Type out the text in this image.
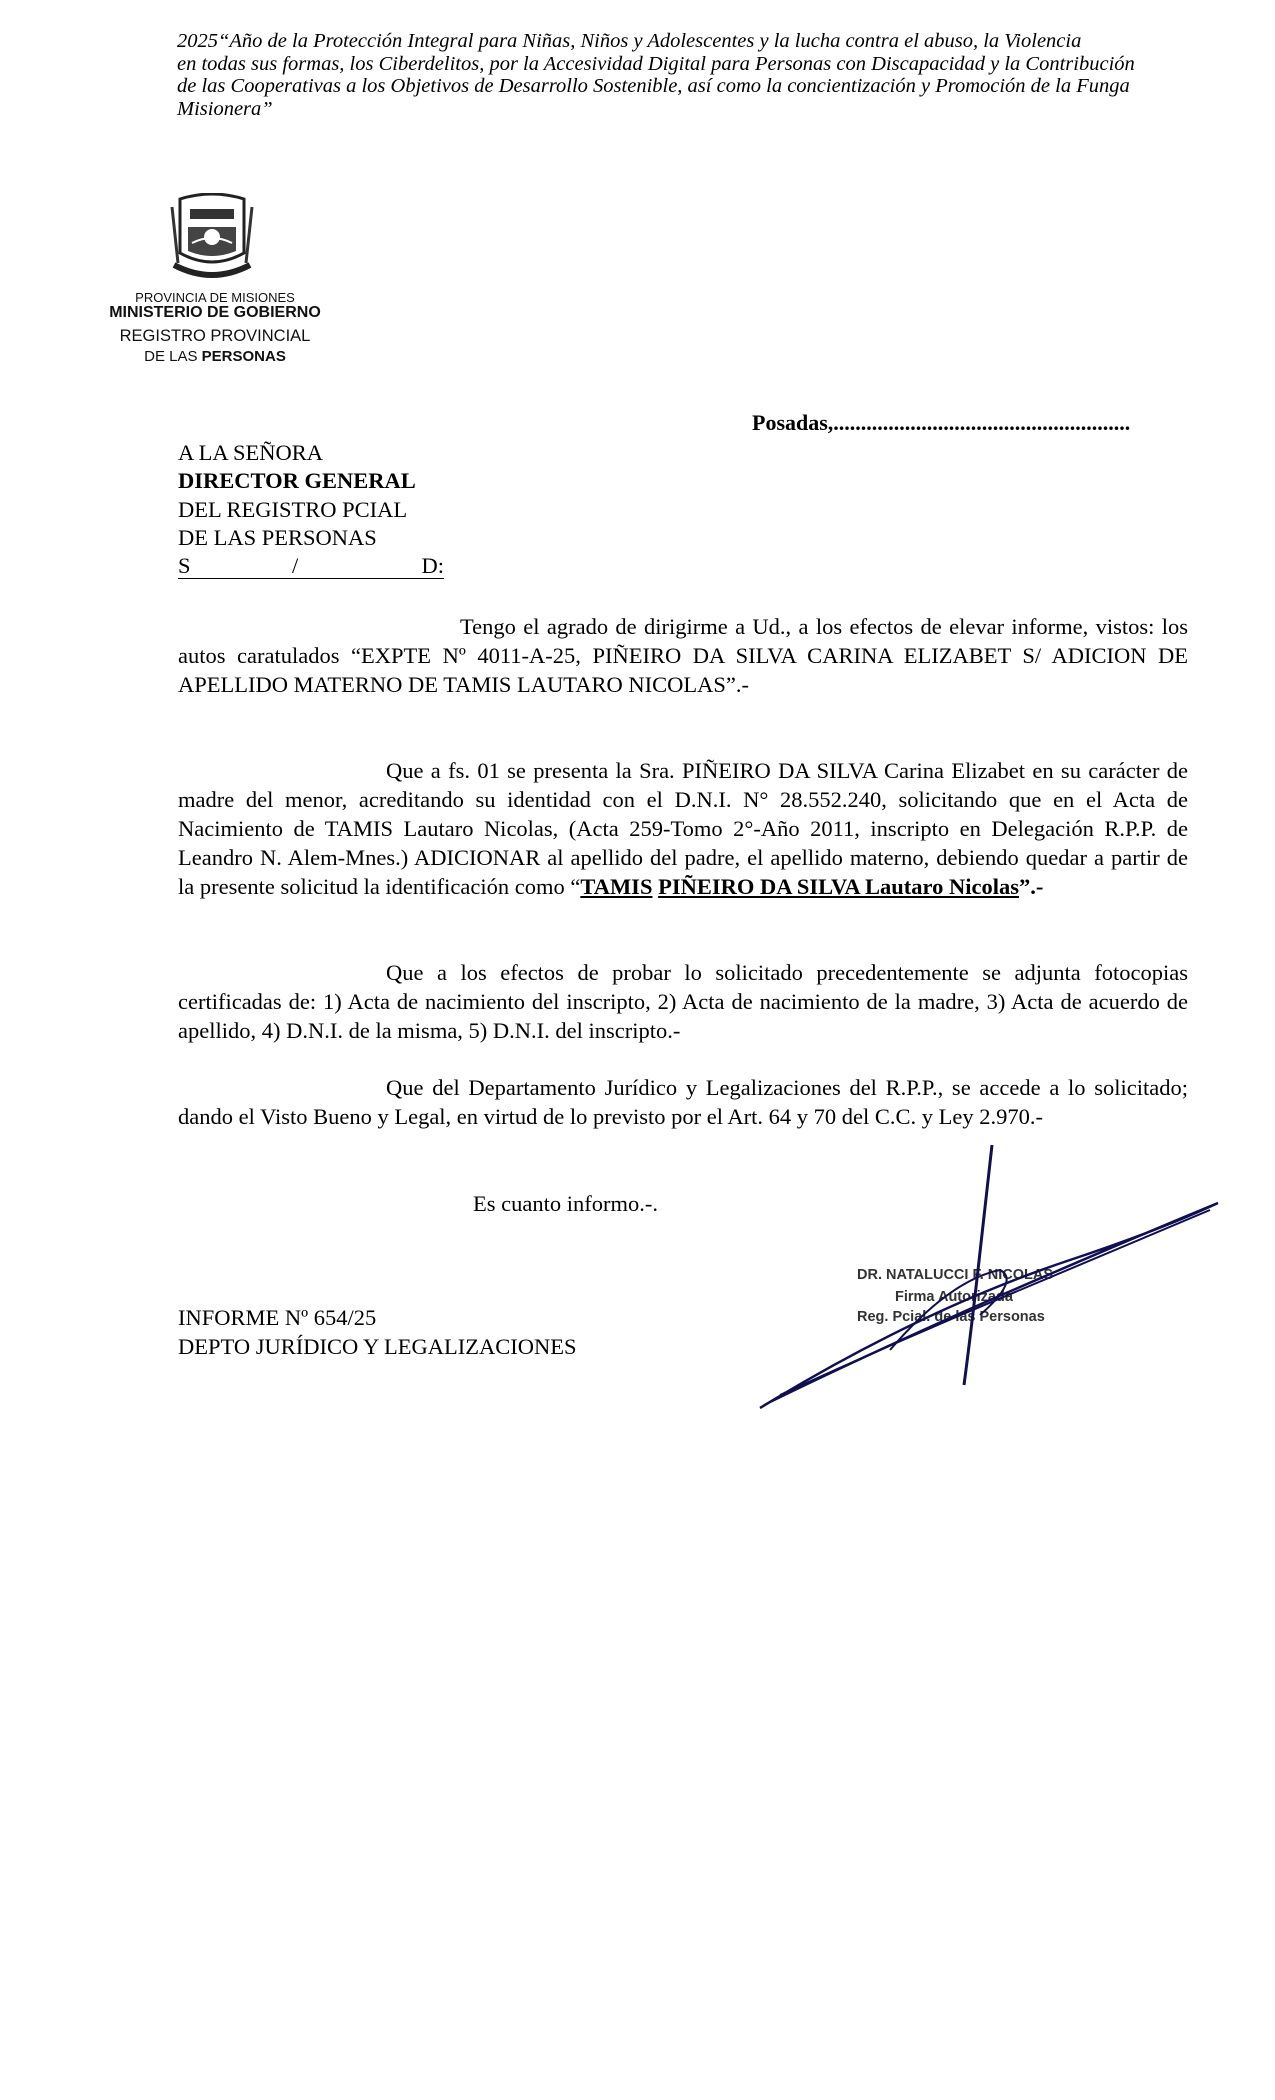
2025“Año de la Protección Integral para Niñas, Niños y Adolescentes y la lucha contra el abuso, la Violencia
en todas sus formas, los Ciberdelitos, por la Accesividad Digital para Personas con Discapacidad y la Contribución
de las Cooperativas a los Objetivos de Desarrollo Sostenible, así como la concientización y Promoción de la Funga
Misionera”
PROVINCIA DE MISIONES
MINISTERIO DE GOBIERNO
REGISTRO PROVINCIAL
DE LAS PERSONAS
Posadas,......................................................
A LA SEÑORA
DIRECTOR GENERAL
DEL REGISTRO PCIAL
DE LAS PERSONAS
S	/	D:
Tengo el agrado de dirigirme a Ud., a los efectos de elevar informe, vistos: los autos caratulados “EXPTE Nº 4011-A-25, PIÑEIRO DA SILVA CARINA ELIZABET S/ ADICION DE APELLIDO MATERNO DE TAMIS LAUTARO NICOLAS”.-
Que a fs. 01 se presenta la Sra. PIÑEIRO DA SILVA Carina Elizabet en su carácter de madre del menor, acreditando su identidad con el D.N.I. N° 28.552.240, solicitando que en el Acta de Nacimiento de TAMIS Lautaro Nicolas, (Acta 259-Tomo 2°-Año 2011, inscripto en Delegación R.P.P. de Leandro N. Alem-Mnes.) ADICIONAR al apellido del padre, el apellido materno, debiendo quedar a partir de la presente solicitud la identificación como “TAMIS PIÑEIRO DA SILVA Lautaro Nicolas”.-
Que a los efectos de probar lo solicitado precedentemente se adjunta fotocopias certificadas de: 1) Acta de nacimiento del inscripto, 2) Acta de nacimiento de la madre, 3) Acta de acuerdo de apellido, 4) D.N.I. de la misma, 5) D.N.I. del inscripto.-
Que del Departamento Jurídico y Legalizaciones del R.P.P., se accede a lo solicitado; dando el Visto Bueno y Legal, en virtud de lo previsto por el Art. 64 y 70 del C.C. y Ley 2.970.-
Es cuanto informo.-.
INFORME Nº 654/25
DEPTO JURÍDICO Y LEGALIZACIONES
DR. NATALUCCI F. NICOLAS
Firma Autorizada
Reg. Pcial. de las Personas
